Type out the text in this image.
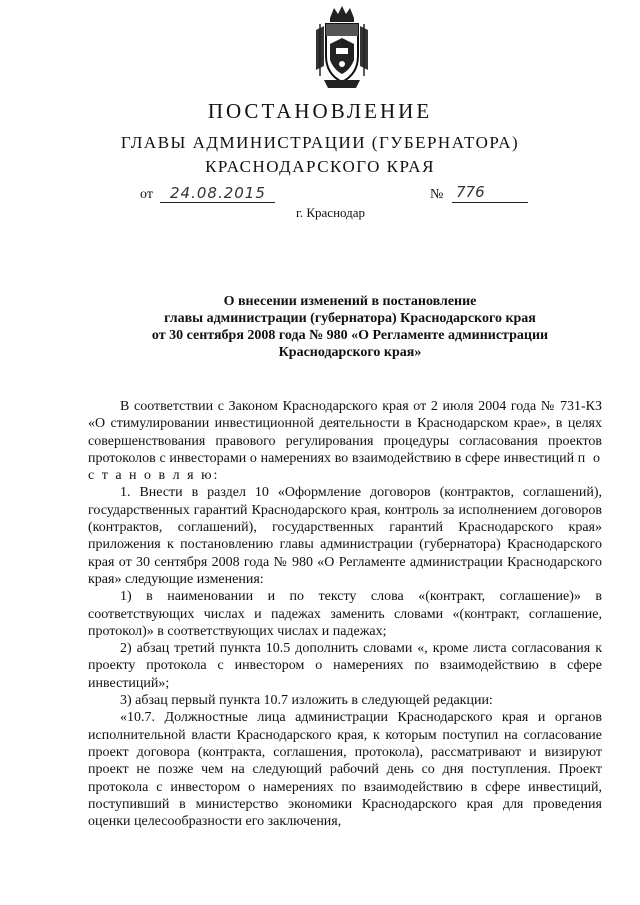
ПОСТАНОВЛЕНИЕ
ГЛАВЫ АДМИНИСТРАЦИИ (ГУБЕРНАТОРА)
КРАСНОДАРСКОГО КРАЯ
от 24.08.2015	№ 776
г. Краснодар
О внесении изменений в постановление
главы администрации (губернатора) Краснодарского края
от 30 сентября 2008 года № 980 «О Регламенте администрации
Краснодарского края»

В соответствии с Законом Краснодарского края от 2 июля 2004 года № 731-КЗ «О стимулировании инвестиционной деятельности в Краснодарском крае», в целях совершенствования правового регулирования процедуры согласования проектов протоколов с инвесторами о намерениях во взаимодействию в сфере инвестиций п о с т а н о в л я ю:

1. Внести в раздел 10 «Оформление договоров (контрактов, соглашений), государственных гарантий Краснодарского края, контроль за исполнением договоров (контрактов, соглашений), государственных гарантий Краснодарского края» приложения к постановлению главы администрации (губернатора) Краснодарского края от 30 сентября 2008 года № 980 «О Регламенте администрации Краснодарского края» следующие изменения:

1) в наименовании и по тексту слова «(контракт, соглашение)» в соответствующих числах и падежах заменить словами «(контракт, соглашение, протокол)» в соответствующих числах и падежах;

2) абзац третий пункта 10.5 дополнить словами «, кроме листа согласования к проекту протокола с инвестором о намерениях по взаимодействию в сфере инвестиций»;

3) абзац первый пункта 10.7 изложить в следующей редакции:

«10.7. Должностные лица администрации Краснодарского края и органов исполнительной власти Краснодарского края, к которым поступил на согласование проект договора (контракта, соглашения, протокола), рассматривают и визируют проект не позже чем на следующий рабочий день со дня поступления. Проект протокола с инвестором о намерениях по взаимодействию в сфере инвестиций, поступивший в министерство экономики Краснодарского края для проведения оценки целесообразности его заключения,
